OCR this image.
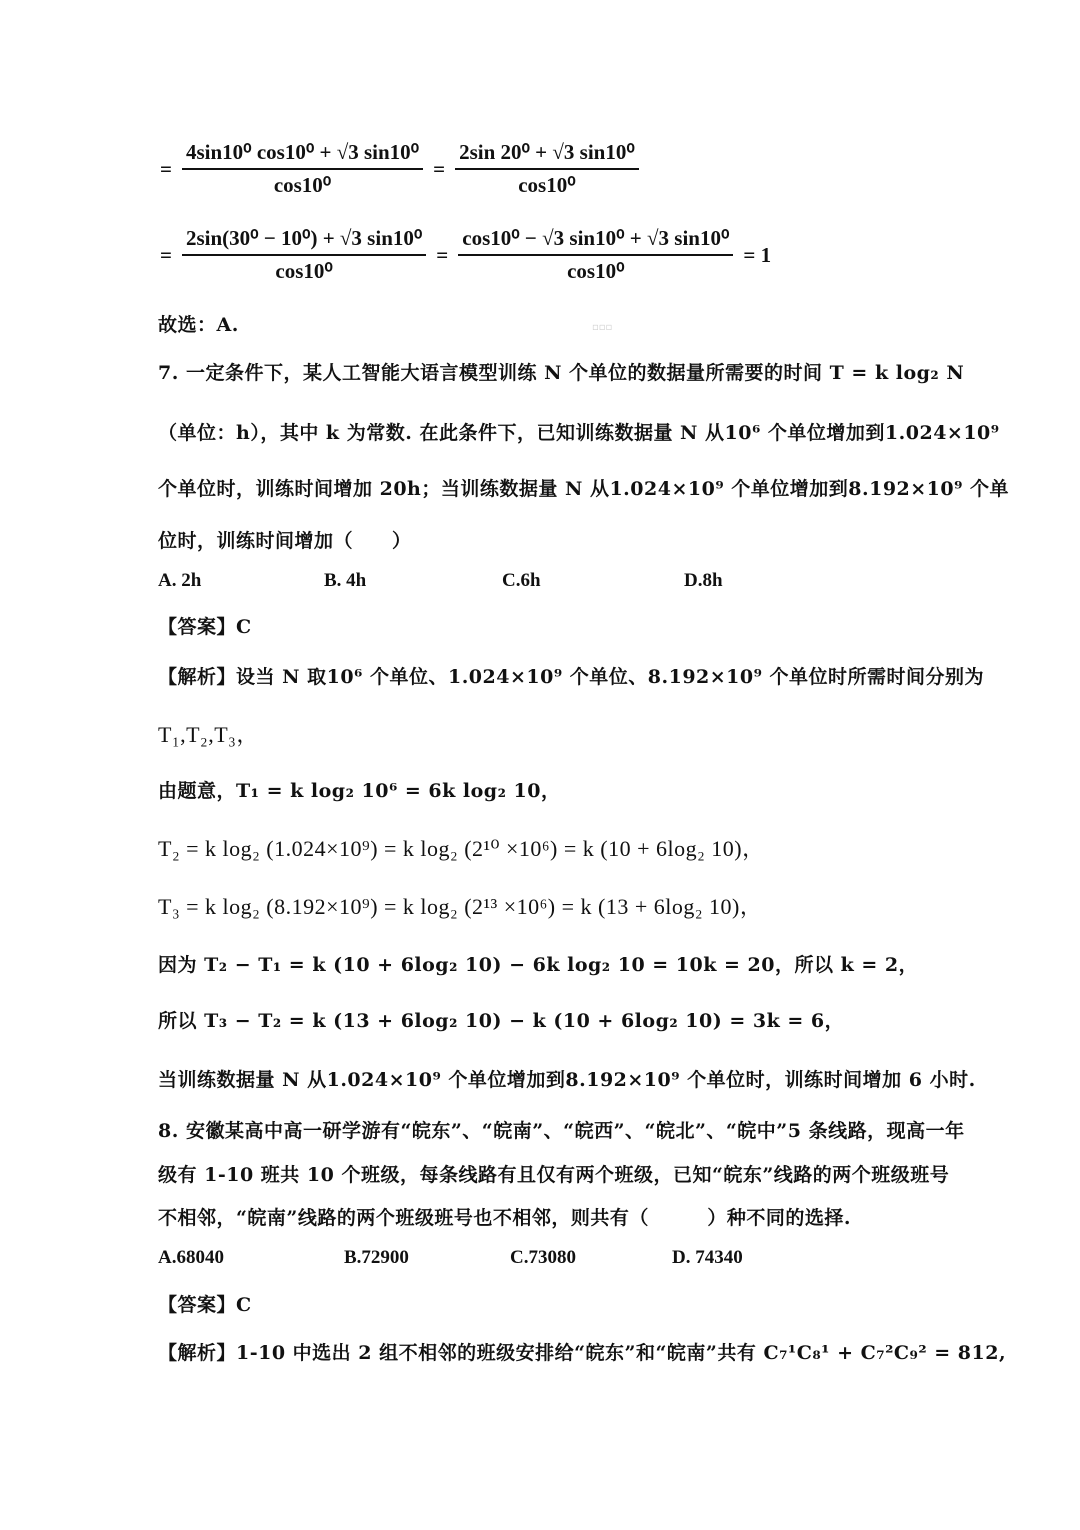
= $\frac{\text{4sin10⁰ cos10⁰ + √3 sin10⁰}}{\text{cos10⁰}} = \frac{\text{2sin 20⁰ + √3 sin10⁰}}{\text{cos10⁰}}$
= $\frac{\text{2sin(30⁰ − 10⁰) + √3 sin10⁰}}{\text{cos10⁰}} = \frac{\text{cos10⁰ − √3 sin10⁰ + √3 sin10⁰}}{\text{cos10⁰}} = 1$
故选：A.	▫▫▫
7. 一定条件下，某人工智能大语言模型训练 N 个单位的数据量所需要的时间 T = k log₂ N
（单位：h），其中 k 为常数. 在此条件下，已知训练数据量 N 从10⁶ 个单位增加到1.024×10⁹
个单位时，训练时间增加 20h；当训练数据量 N 从1.024×10⁹ 个单位增加到8.192×10⁹ 个单
位时，训练时间增加（　　）
A. 2h	B. 4h	C.6h	D.8h
【答案】C
【解析】设当 N 取10⁶ 个单位、1.024×10⁹ 个单位、8.192×10⁹ 个单位时所需时间分别为
T₁,T₂,T₃，
由题意，T₁ = k log₂ 10⁶ = 6k log₂ 10，
T₂ = k log₂ (1.024×10⁹) = k log₂ (2¹⁰ ×10⁶) = k (10 + 6log₂ 10)，
T₃ = k log₂ (8.192×10⁹) = k log₂ (2¹³ ×10⁶) = k (13 + 6log₂ 10)，
因为 T₂ − T₁ = k (10 + 6log₂ 10) − 6k log₂ 10 = 10k = 20，所以 k = 2，
所以 T₃ − T₂ = k (13 + 6log₂ 10) − k (10 + 6log₂ 10) = 3k = 6，
当训练数据量 N 从1.024×10⁹ 个单位增加到8.192×10⁹ 个单位时，训练时间增加 6 小时.
8. 安徽某高中高一研学游有“皖东”、“皖南”、“皖西”、“皖北”、“皖中”5 条线路，现高一年
级有 1-10 班共 10 个班级，每条线路有且仅有两个班级，已知“皖东”线路的两个班级班号
不相邻，“皖南”线路的两个班级班号也不相邻，则共有（　　　）种不同的选择.
A.68040	B.72900	C.73080	D. 74340
【答案】C
【解析】1-10 中选出 2 组不相邻的班级安排给“皖东”和“皖南”共有 C₇¹C₈¹ + C₇²C₉² = 812,
